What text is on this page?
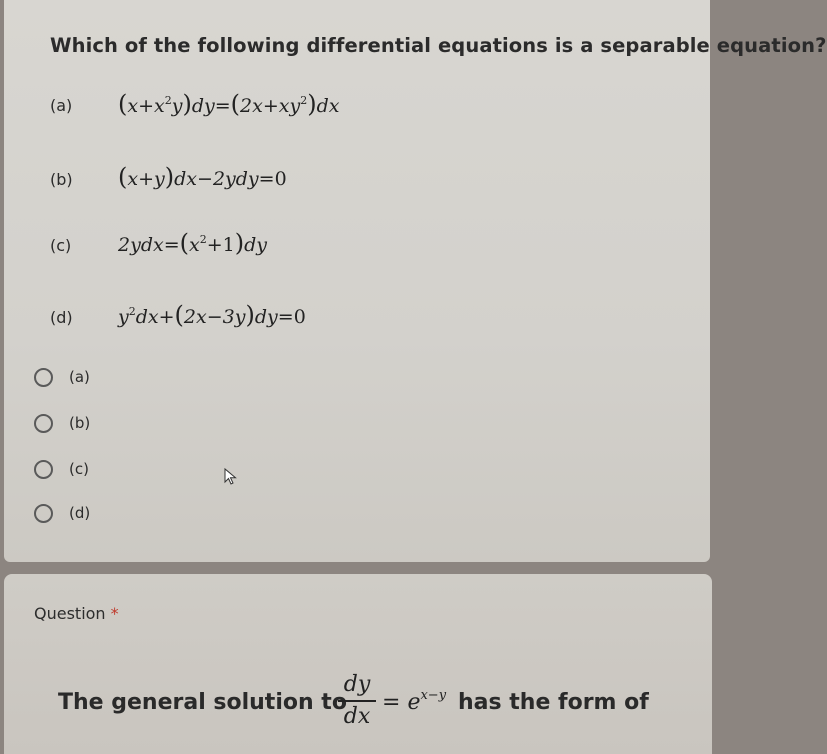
Which of the following differential equations is a separable equation?
(a) $(x+x^2y)dy=(2x+xy^2)dx$
(b) (x+y)dx−2ydy=0
(c) $2ydx=(x^2+1)dy$
(d) $y^2dx+(2x-3y)dy=0$
(a)
(b)
(c)
(d)
Question *
The general solution to
dy
dx
= $e^{x-y}$ has the form of
